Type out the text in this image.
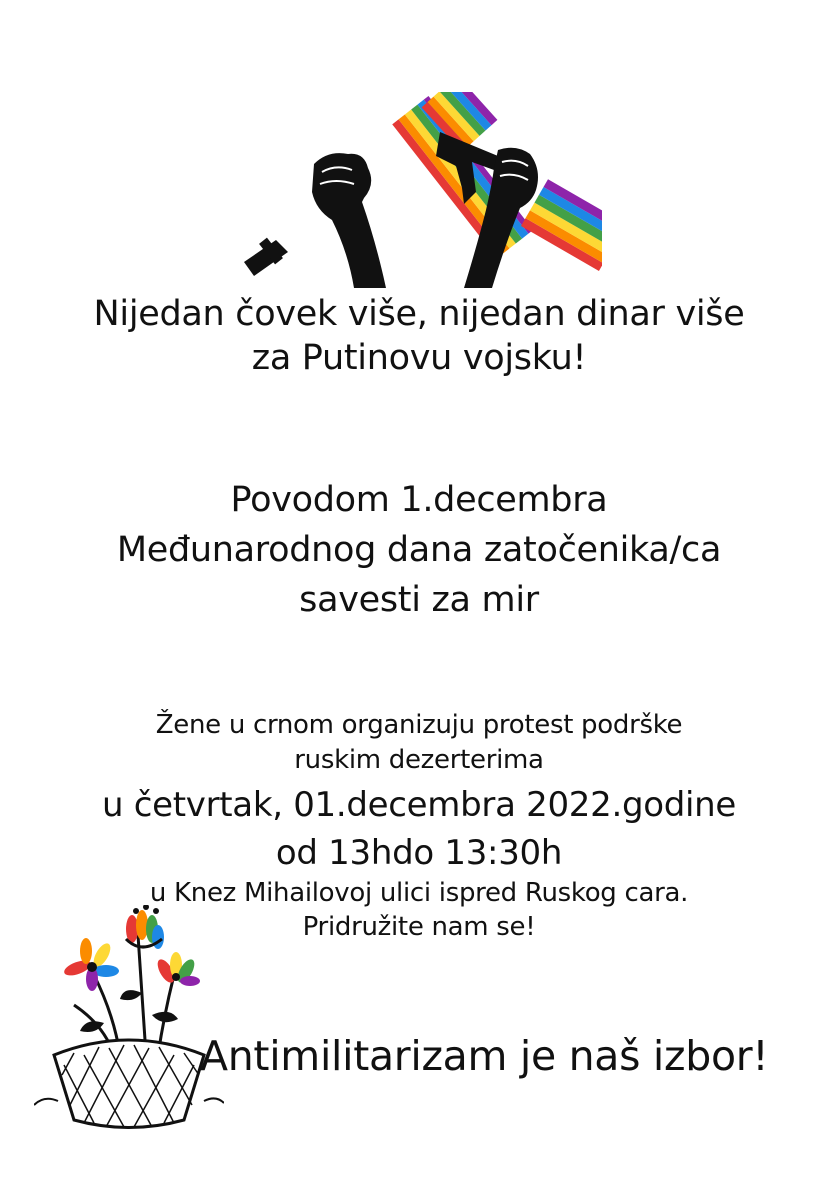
Nijedan čovek više, nijedan dinar više
za Putinovu vojsku!
Povodom 1.decembra
Međunarodnog dana zatočenika/ca
savesti za mir
Žene u crnom organizuju protest podrške
ruskim dezerterima
u četvrtak, 01.decembra 2022.godine
od 13hdo 13:30h
u Knez Mihailovoj ulici ispred Ruskog cara.
Pridružite nam se!
Antimilitarizam je naš izbor!
